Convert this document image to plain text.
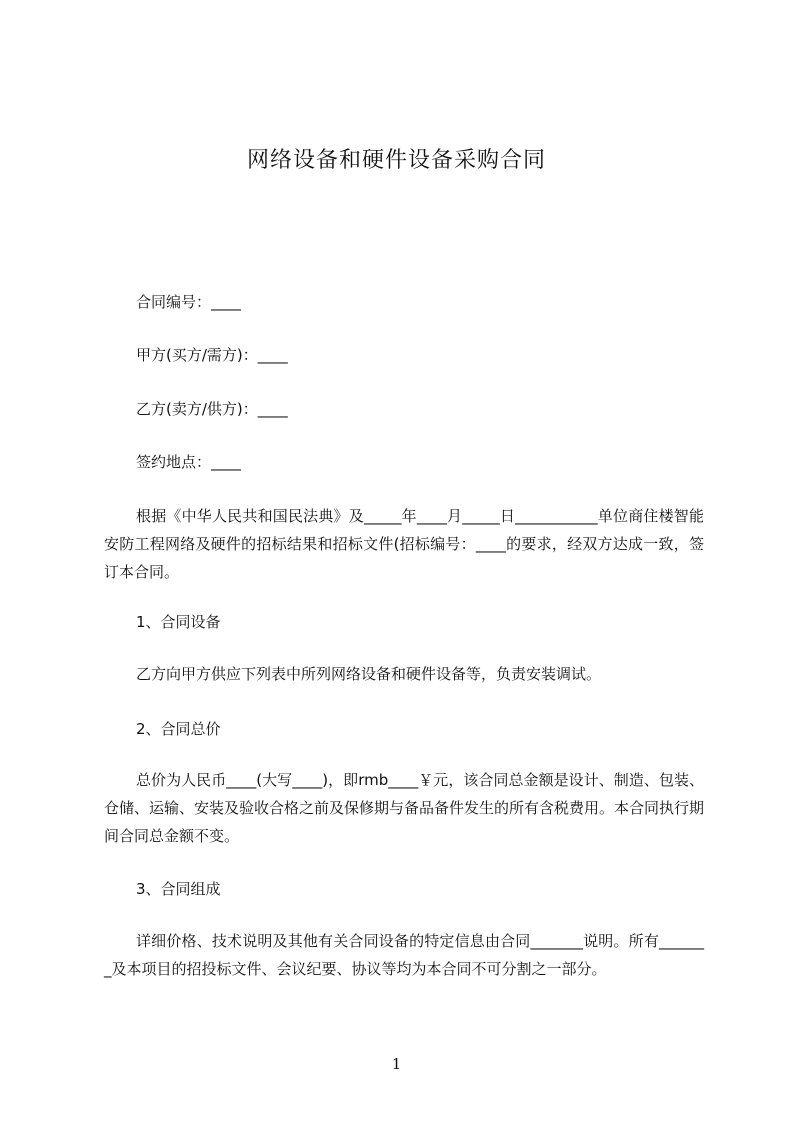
网络设备和硬件设备采购合同
合同编号：____
甲方(买方/需方)：____
乙方(卖方/供方)：____
签约地点：____
根据《中华人民共和国民法典》及_____年____月_____日___________单位商住楼智能安防工程网络及硬件的招标结果和招标文件(招标编号：____的要求，经双方达成一致，签订本合同。
1、合同设备
乙方向甲方供应下列表中所列网络设备和硬件设备等，负责安装调试。
2、合同总价
总价为人民币____(大写____)，即rmb____￥元，该合同总金额是设计、制造、包装、仓储、运输、安装及验收合格之前及保修期与备品备件发生的所有含税费用。本合同执行期间合同总金额不变。
3、合同组成
详细价格、技术说明及其他有关合同设备的特定信息由合同_______说明。所有_______及本项目的招投标文件、会议纪要、协议等均为本合同不可分割之一部分。
1
